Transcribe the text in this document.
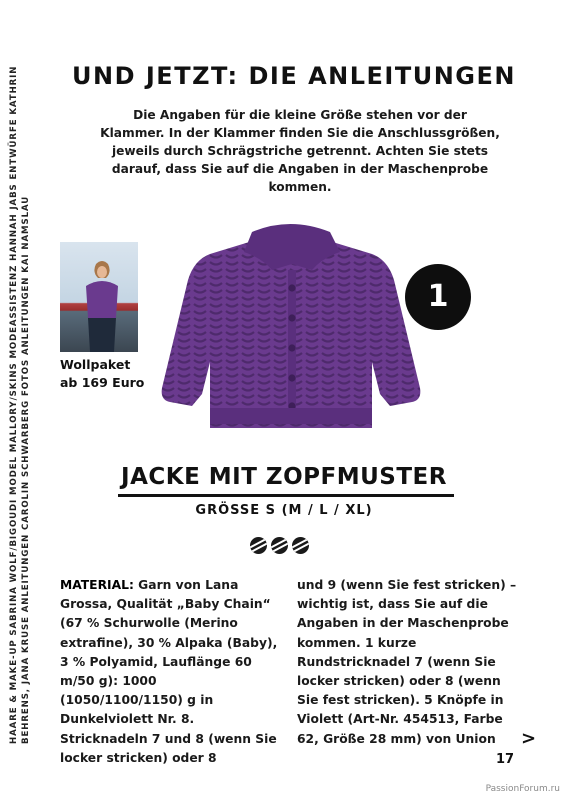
HAARE & MAKE-UP SABRINA WOLF/BIGOUDI MODEL MALLORY/SKINS MODEASSISTENZ HANNAH JABS ENTWÜRFE KATHRIN BEHRENS, JANA KRUSE ANLEITUNGEN CAROLIN SCHWARBERG FOTOS ANLEITUNGEN KAI NAMSLAU
UND JETZT: DIE ANLEITUNGEN

Die Angaben für die kleine Größe stehen vor der Klammer. In der Klammer finden Sie die Anschlussgrößen, jeweils durch Schrägstriche getrennt. Achten Sie stets darauf, dass Sie auf die Angaben in der Maschenprobe kommen.

Wollpaket
ab 169 Euro

1
JACKE MIT ZOPFMUSTER

GRÖSSE S (M / L / XL)

MATERIAL: Garn von Lana Grossa, Qualität „Baby Chain“ (67 % Schurwolle (Merino extrafine), 30 % Alpaka (Baby), 3 % Polyamid, Lauflänge 60 m/50 g): 1000 (1050/1100/1150) g in Dunkelviolett Nr. 8. Stricknadeln 7 und 8 (wenn Sie locker stricken) oder 8

und 9 (wenn Sie fest stricken) – wichtig ist, dass Sie auf die Angaben in der Maschenprobe kommen. 1 kurze Rundstricknadel 7 (wenn Sie locker stricken) oder 8 (wenn Sie fest stricken). 5 Knöpfe in Violett (Art-Nr. 454513, Farbe 62, Größe 28 mm) von Union	>
17
PassionForum.ru
